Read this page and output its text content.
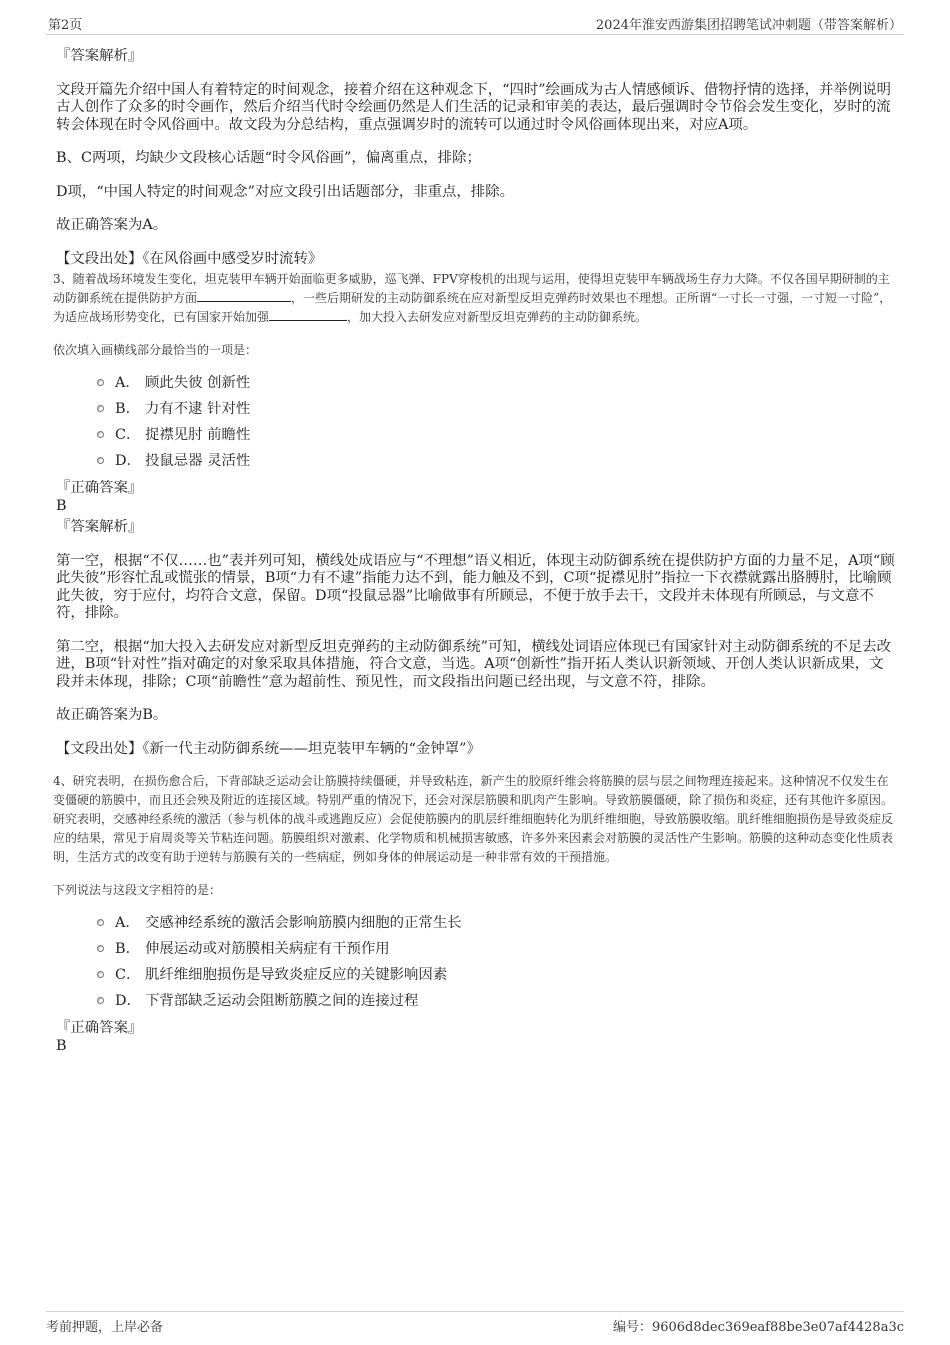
第2页	2024年淮安西游集团招聘笔试冲刺题（带答案解析）

『答案解析』

文段开篇先介绍中国人有着特定的时间观念，接着介绍在这种观念下，“四时”绘画成为古人情感倾诉、借物抒情的选择，并举例说明古人创作了众多的时令画作，然后介绍当代时令绘画仍然是人们生活的记录和审美的表达，最后强调时令节俗会发生变化，岁时的流转会体现在时令风俗画中。故文段为分总结构，重点强调岁时的流转可以通过时令风俗画体现出来，对应A项。

B、C两项，均缺少文段核心话题“时令风俗画”，偏离重点，排除；

D项，“中国人特定的时间观念”对应文段引出话题部分，非重点，排除。

故正确答案为A。

【文段出处】《在风俗画中感受岁时流转》

3、随着战场环境发生变化，坦克装甲车辆开始面临更多威胁，巡飞弹、FPV穿梭机的出现与运用，使得坦克装甲车辆战场生存力大降。不仅各国早期研制的主动防御系统在提供防护方面	，一些后期研发的主动防御系统在应对新型反坦克弹药时效果也不理想。正所谓“一寸长一寸强，一寸短一寸险”，为适应战场形势变化，已有国家开始加强	，加大投入去研发应对新型反坦克弹药的主动防御系统。

依次填入画横线部分最恰当的一项是：

A． 顾此失彼 创新性
B． 力有不逮 针对性
C． 捉襟见肘 前瞻性
D． 投鼠忌器 灵活性

『正确答案』

B

『答案解析』

第一空，根据“不仅……也”表并列可知，横线处成语应与“不理想”语义相近，体现主动防御系统在提供防护方面的力量不足，A项“顾此失彼”形容忙乱或慌张的情景，B项“力有不逮”指能力达不到，能力触及不到，C项“捉襟见肘”指拉一下衣襟就露出胳膊肘，比喻顾此失彼，穷于应付，均符合文意，保留。D项“投鼠忌器”比喻做事有所顾忌，不便于放手去干，文段并未体现有所顾忌，与文意不符，排除。

第二空，根据“加大投入去研发应对新型反坦克弹药的主动防御系统”可知，横线处词语应体现已有国家针对主动防御系统的不足去改进，B项“针对性”指对确定的对象采取具体措施，符合文意，当选。A项“创新性”指开拓人类认识新领域、开创人类认识新成果，文段并未体现，排除；C项“前瞻性”意为超前性、预见性，而文段指出问题已经出现，与文意不符，排除。

故正确答案为B。

【文段出处】《新一代主动防御系统——坦克装甲车辆的“金钟罩”》

4、研究表明，在损伤愈合后，下背部缺乏运动会让筋膜持续僵硬，并导致粘连，新产生的胶原纤维会将筋膜的层与层之间物理连接起来。这种情况不仅发生在变僵硬的筋膜中，而且还会殃及附近的连接区域。特别严重的情况下，还会对深层筋膜和肌肉产生影响。导致筋膜僵硬，除了损伤和炎症，还有其他许多原因。研究表明，交感神经系统的激活（参与机体的战斗或逃跑反应）会促使筋膜内的肌层纤维细胞转化为肌纤维细胞，导致筋膜收缩。肌纤维细胞损伤是导致炎症反应的结果，常见于肩周炎等关节粘连问题。筋膜组织对激素、化学物质和机械损害敏感，许多外来因素会对筋膜的灵活性产生影响。筋膜的这种动态变化性质表明，生活方式的改变有助于逆转与筋膜有关的一些病症，例如身体的伸展运动是一种非常有效的干预措施。

下列说法与这段文字相符的是：

A． 交感神经系统的激活会影响筋膜内细胞的正常生长
B． 伸展运动或对筋膜相关病症有干预作用
C． 肌纤维细胞损伤是导致炎症反应的关键影响因素
D． 下背部缺乏运动会阻断筋膜之间的连接过程

『正确答案』

B

考前押题，上岸必备	编号：9606d8dec369eaf88be3e07af4428a3c
